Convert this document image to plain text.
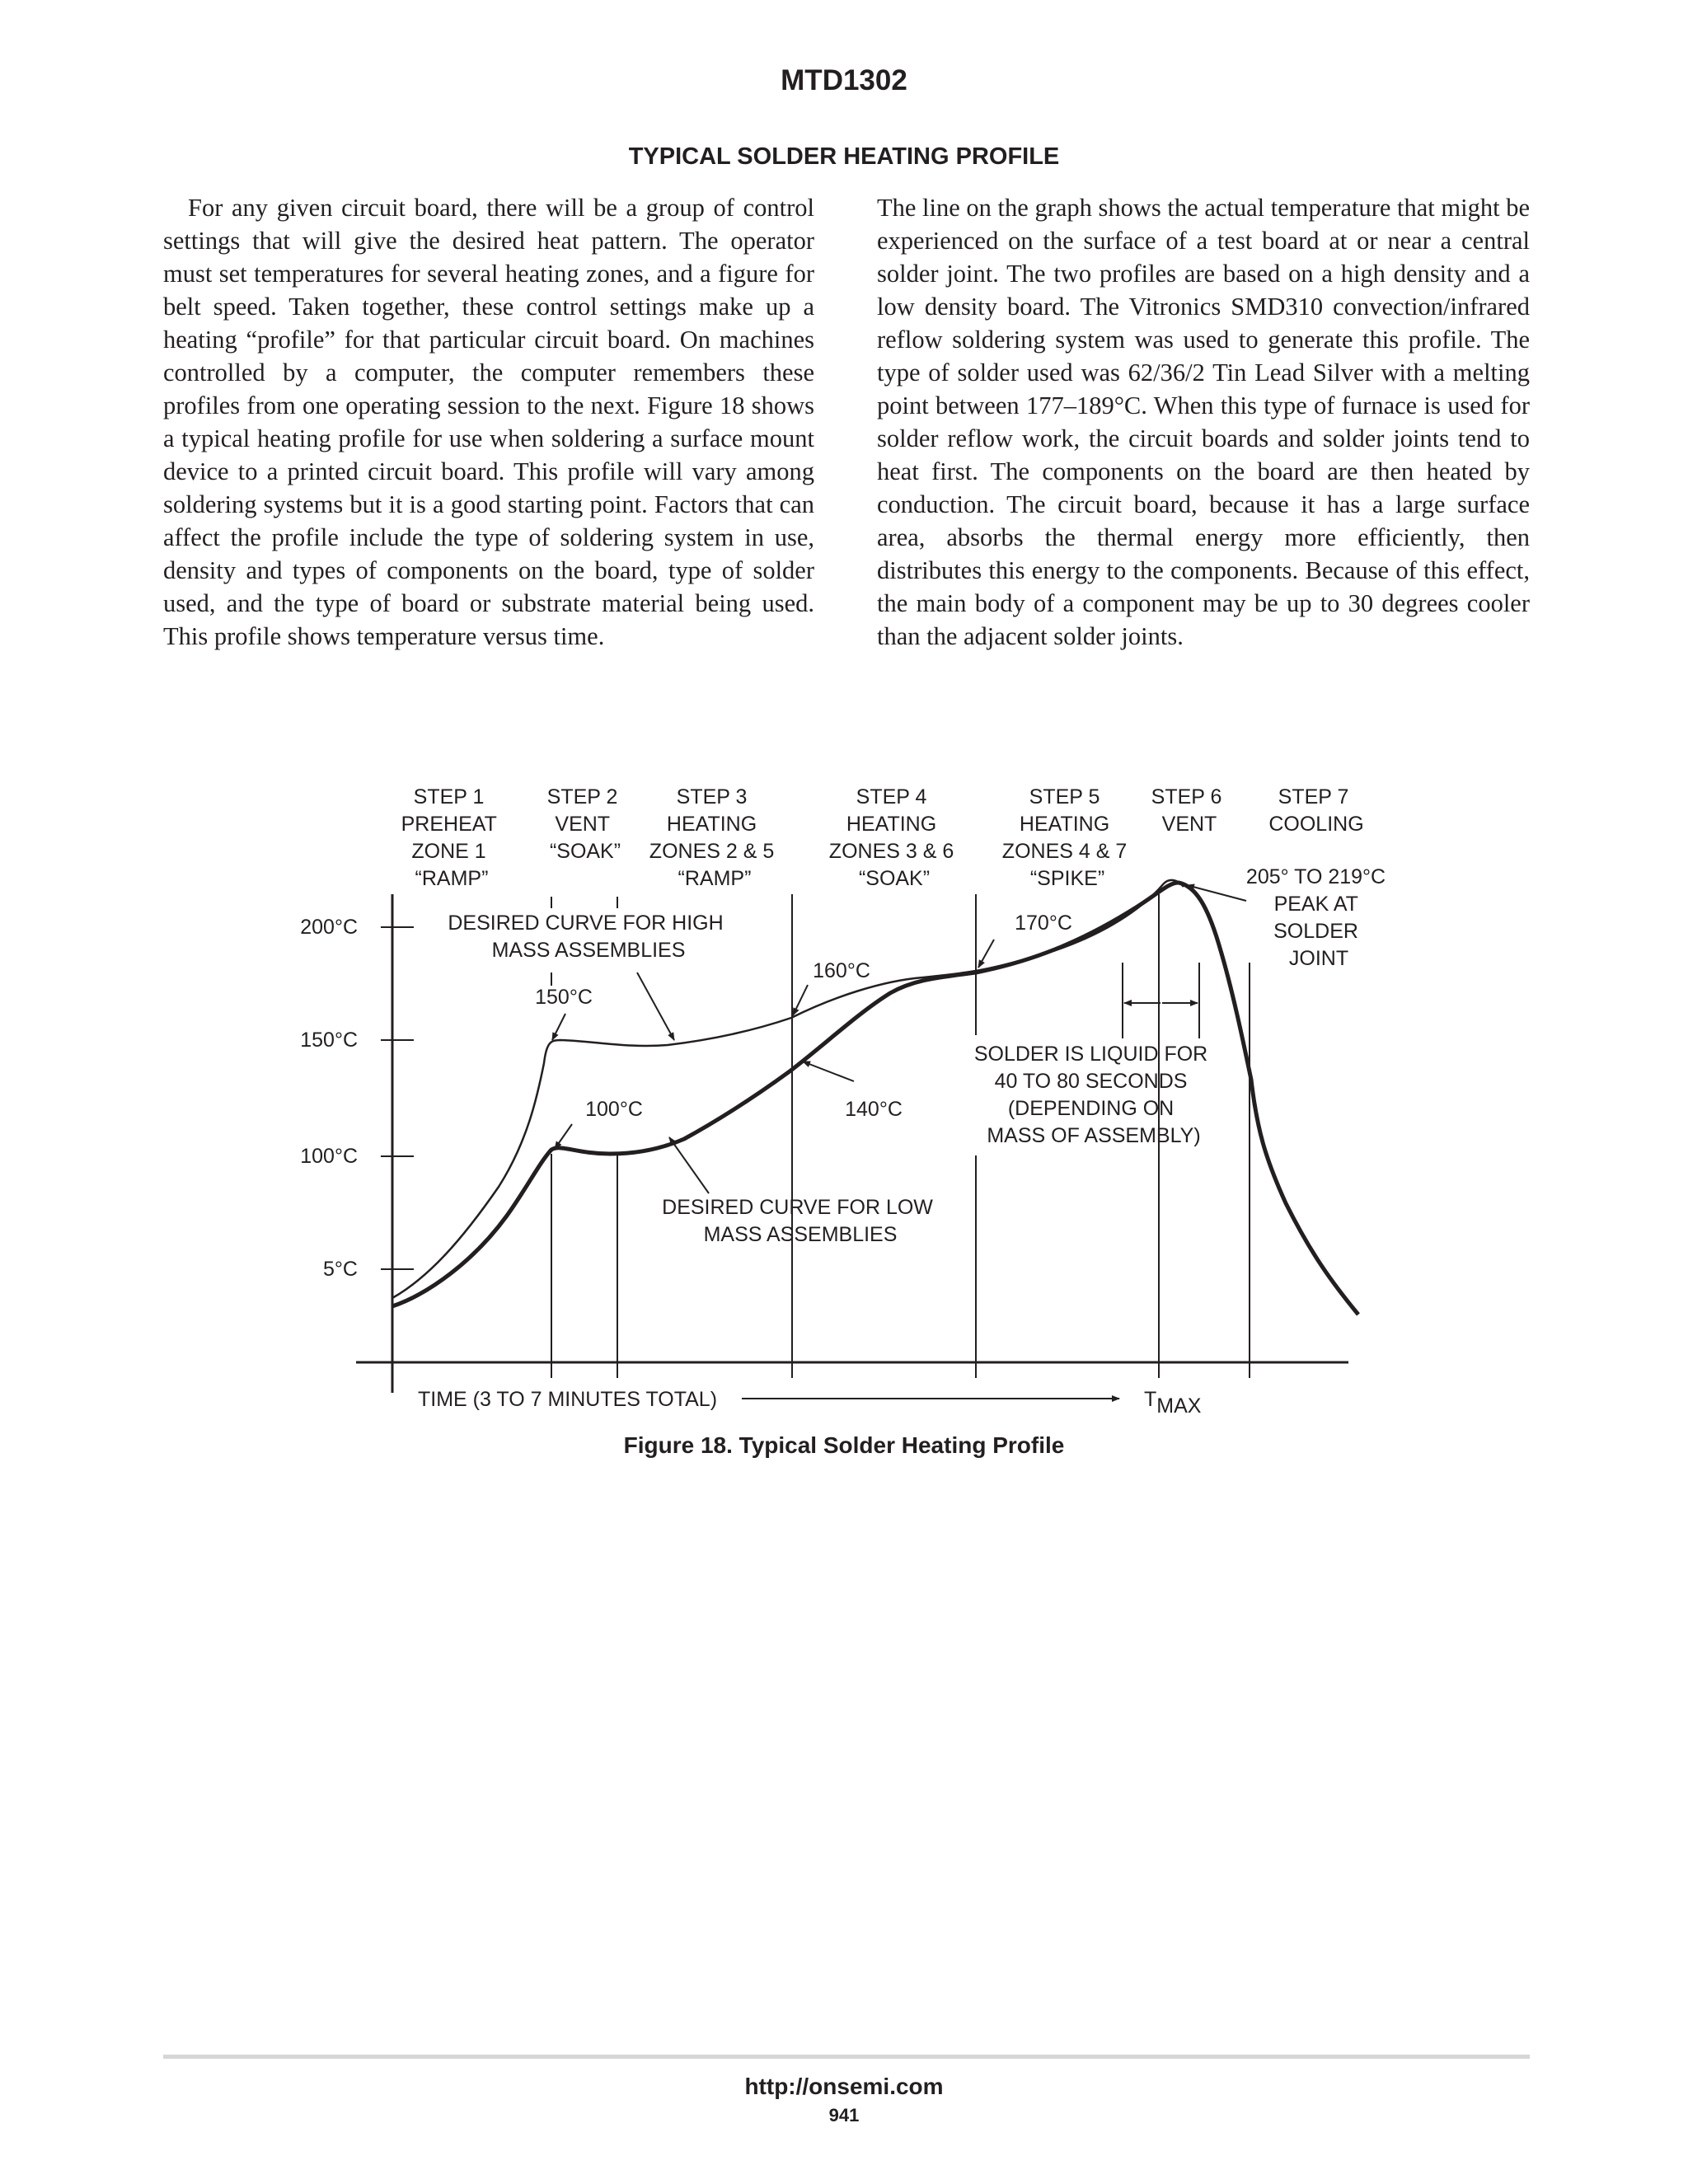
MTD1302
TYPICAL SOLDER HEATING PROFILE
For any given circuit board, there will be a group of control settings that will give the desired heat pattern. The operator must set temperatures for several heating zones, and a figure for belt speed. Taken together, these control settings make up a heating “profile” for that particular circuit board. On machines controlled by a computer, the computer remembers these profiles from one operating session to the next. Figure 18 shows a typical heating profile for use when soldering a surface mount device to a printed circuit board. This profile will vary among soldering systems but it is a good starting point. Factors that can affect the profile include the type of soldering system in use, density and types of components on the board, type of solder used, and the type of board or substrate material being used. This profile shows temperature versus time.
The line on the graph shows the actual temperature that might be experienced on the surface of a test board at or near a central solder joint. The two profiles are based on a high density and a low density board. The Vitronics SMD310 convection/infrared reflow soldering system was used to generate this profile. The type of solder used was 62/36/2 Tin Lead Silver with a melting point between 177–189°C. When this type of furnace is used for solder reflow work, the circuit boards and solder joints tend to heat first. The components on the board are then heated by conduction. The circuit board, because it has a large surface area, absorbs the thermal energy more efficiently, then distributes this energy to the components. Because of this effect, the main body of a component may be up to 30 degrees cooler than the adjacent solder joints.
STEP 1 PREHEAT ZONE 1 “RAMP”
STEP 2 VENT “SOAK”
STEP 3 HEATING ZONES 2 & 5 “RAMP”
STEP 4 HEATING ZONES 3 & 6 “SOAK”
STEP 5 HEATING ZONES 4 & 7 “SPIKE”
STEP 6 VENT
STEP 7 COOLING
200°C
150°C
100°C
5°C
DESIRED CURVE FOR HIGH MASS ASSEMBLIES
150°C
100°C
160°C
140°C
170°C
205° TO 219°C PEAK AT SOLDER JOINT
SOLDER IS LIQUID FOR 40 TO 80 SECONDS (DEPENDING ON MASS OF ASSEMBLY)
DESIRED CURVE FOR LOW MASS ASSEMBLIES
TIME (3 TO 7 MINUTES TOTAL)	TMAX
Figure 18. Typical Solder Heating Profile
http://onsemi.com
941
